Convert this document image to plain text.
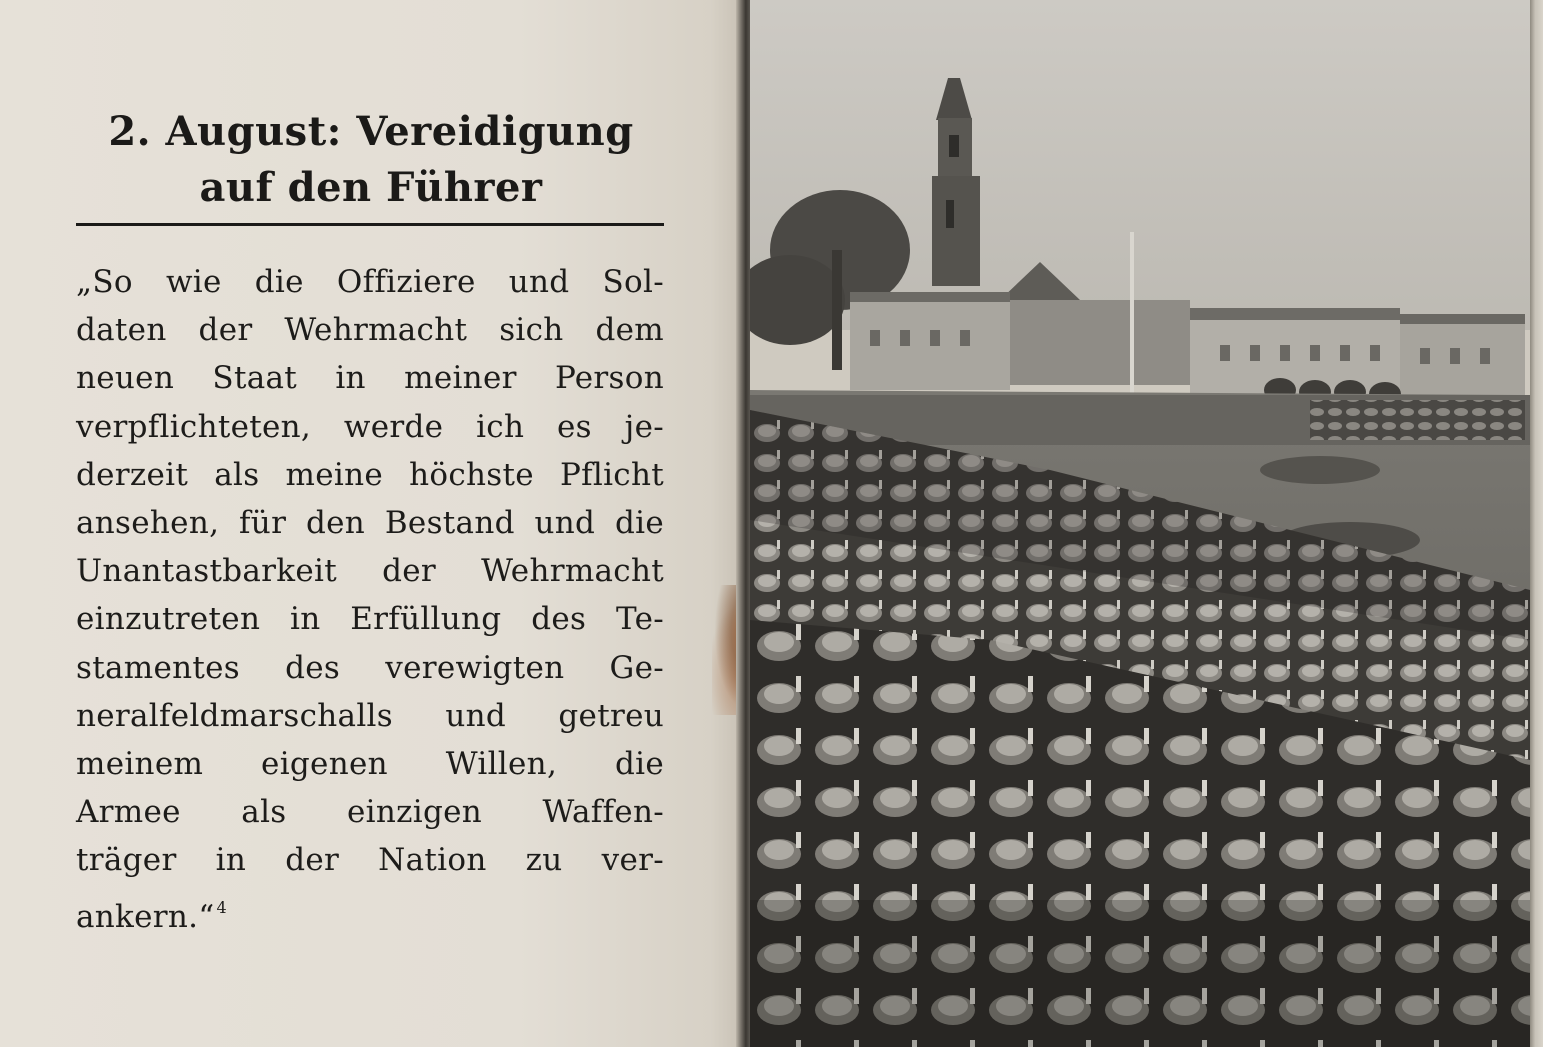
2. August: Vereidigung
auf den Führer
„So wie die Offiziere und Sol-
daten der Wehrmacht sich dem
neuen Staat in meiner Person
verpflichteten, werde ich es je-
derzeit als meine höchste Pflicht
ansehen, für den Bestand und die
Unantastbarkeit der Wehrmacht
einzutreten in Erfüllung des Te-
stamentes des verewigten Ge-
neralfeldmarschalls und getreu
meinem eigenen Willen, die
Armee als einzigen Waffen-
träger in der Nation zu ver-
ankern.“ $^4$
